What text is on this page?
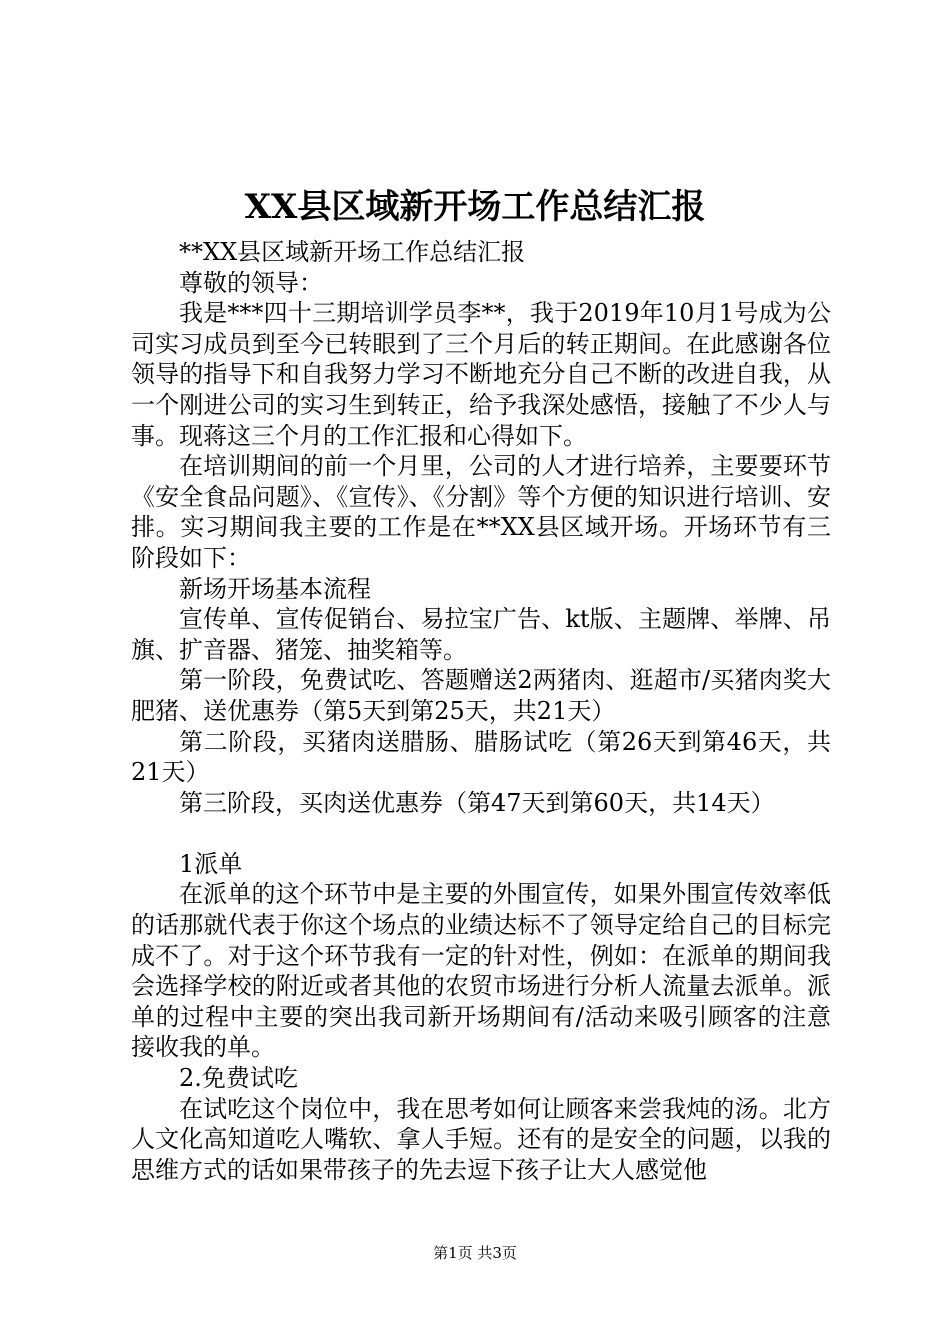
XX县区域新开场工作总结汇报

**XX县区域新开场工作总结汇报

尊敬的领导：

我是***四十三期培训学员李**，我于2019年10月1号成为公司实习成员到至今已转眼到了三个月后的转正期间。在此感谢各位领导的指导下和自我努力学习不断地充分自己不断的改进自我，从一个刚进公司的实习生到转正，给予我深处感悟，接触了不少人与事。现蒋这三个月的工作汇报和心得如下。

在培训期间的前一个月里，公司的人才进行培养，主要要环节《安全食品问题》、《宣传》、《分割》等个方便的知识进行培训、安排。实习期间我主要的工作是在**XX县区域开场。开场环节有三阶段如下：

新场开场基本流程

宣传单、宣传促销台、易拉宝广告、kt版、主题牌、举牌、吊旗、扩音器、猪笼、抽奖箱等。

第一阶段，免费试吃、答题赠送2两猪肉、逛超市/买猪肉奖大肥猪、送优惠券（第5天到第25天，共21天）

第二阶段，买猪肉送腊肠、腊肠试吃（第26天到第46天，共21天）

第三阶段，买肉送优惠券（第47天到第60天，共14天）

1派单

在派单的这个环节中是主要的外围宣传，如果外围宣传效率低的话那就代表于你这个场点的业绩达标不了领导定给自己的目标完成不了。对于这个环节我有一定的针对性，例如：在派单的期间我会选择学校的附近或者其他的农贸市场进行分析人流量去派单。派单的过程中主要的突出我司新开场期间有/活动来吸引顾客的注意接收我的单。

2.免费试吃

在试吃这个岗位中，我在思考如何让顾客来尝我炖的汤。北方人文化高知道吃人嘴软、拿人手短。还有的是安全的问题，以我的思维方式的话如果带孩子的先去逗下孩子让大人感觉他

第1页 共3页
